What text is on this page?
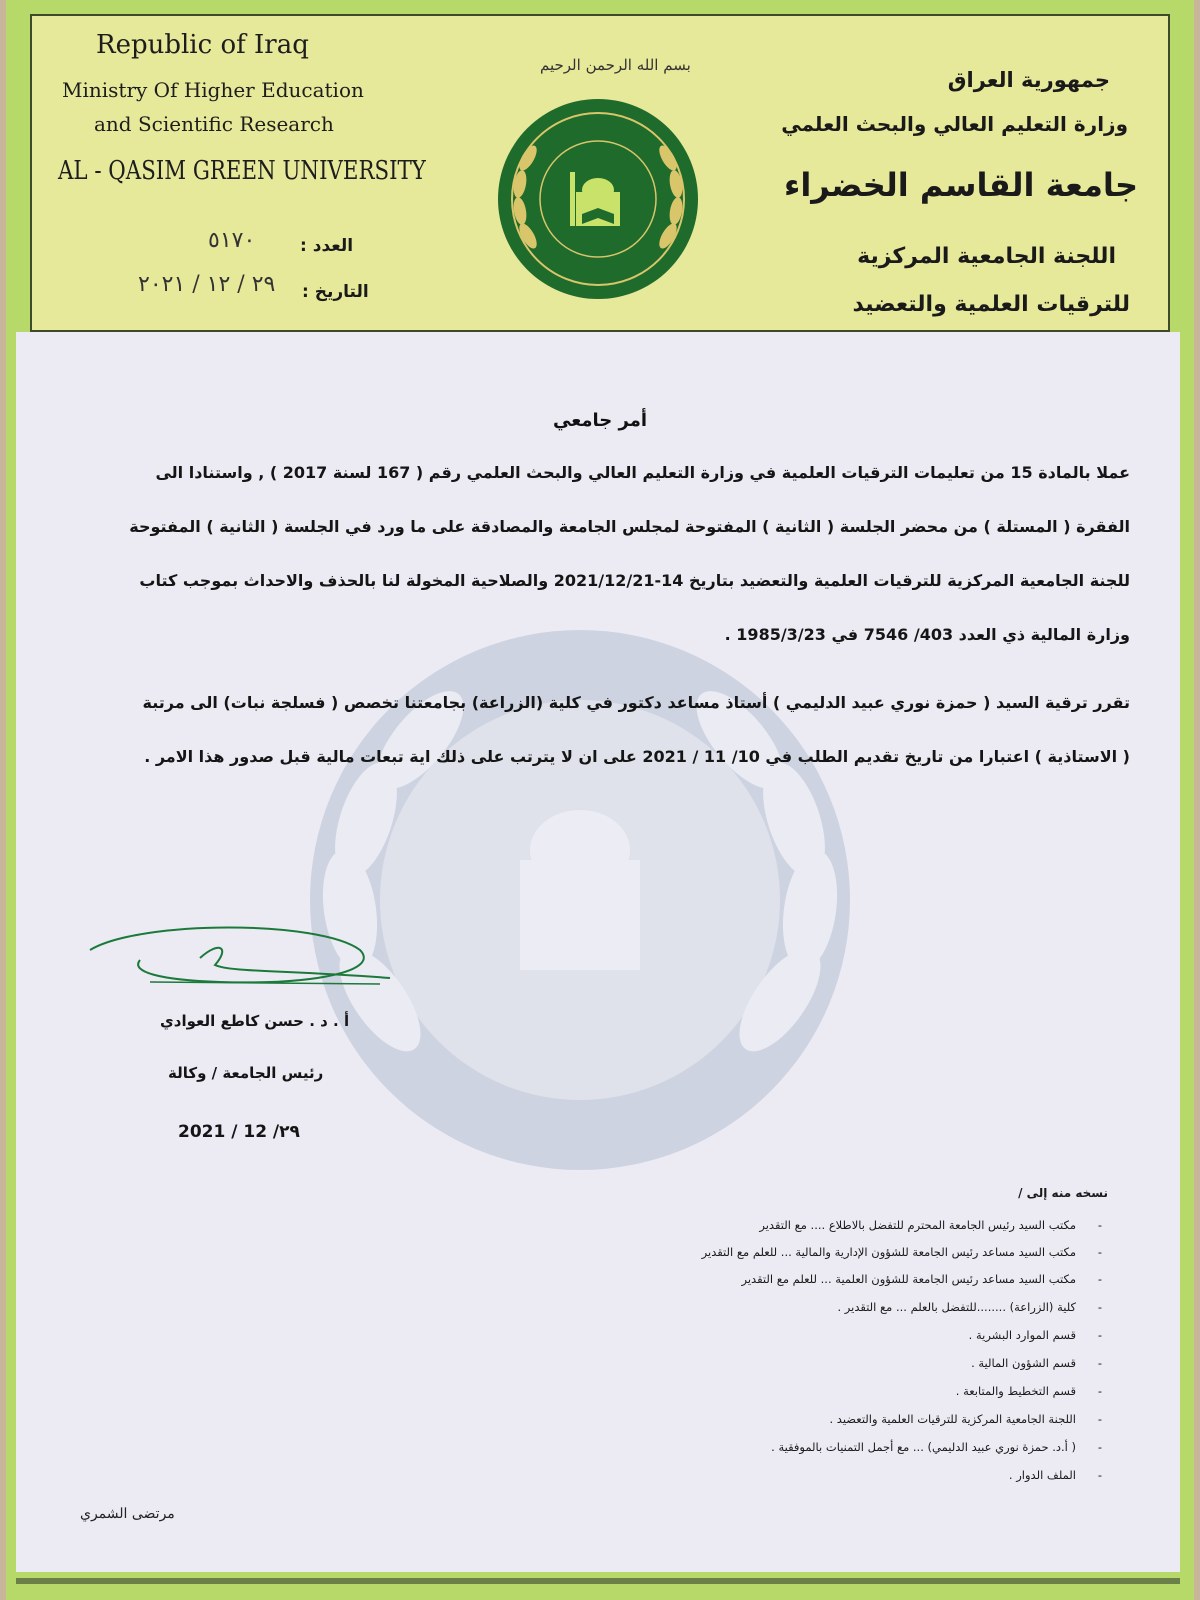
Republic of Iraq
Ministry Of Higher Education
and Scientific Research
AL - QASIM GREEN UNIVERSITY
جمهورية العراق
وزارة التعليم العالي والبحث العلمي
جامعة القاسم الخضراء
اللجنة الجامعية المركزية
للترقيات العلمية والتعضيد
بسم الله الرحمن الرحيم
العدد :
٥١٧٠
التاريخ :
٢٩ / ١٢ / ٢٠٢١
أمر جامعي
عملا بالمادة 15 من تعليمات الترقيات العلمية في وزارة التعليم العالي والبحث العلمي رقم ( 167 لسنة 2017 ) , واستنادا الى
الفقرة ( المستلة ) من محضر الجلسة ( الثانية ) المفتوحة لمجلس الجامعة والمصادقة على ما ورد في الجلسة ( الثانية ) المفتوحة
للجنة الجامعية المركزية للترقيات العلمية والتعضيد بتاريخ 14-2021/12/21 والصلاحية المخولة لنا بالحذف والاحداث بموجب كتاب
وزارة المالية ذي العدد 403/ 7546 في 1985/3/23 .
تقرر ترقية السيد ( حمزة نوري عبيد الدليمي ) أستاذ مساعد دكتور في كلية (الزراعة) بجامعتنا تخصص ( فسلجة نبات) الى مرتبة
( الاستاذية ) اعتبارا من تاريخ تقديم الطلب في 10/ 11 / 2021 على ان لا يترتب على ذلك اية تبعات مالية قبل صدور هذا الامر .
أ . د . حسن كاطع العوادي
رئيس الجامعة / وكالة
2021 / 12 /٢٩
نسخه منه إلى /
-مكتب السيد رئيس الجامعة المحترم للتفضل بالاطلاع .... مع التقدير
-مكتب السيد مساعد رئيس الجامعة للشؤون الإدارية والمالية ... للعلم مع التقدير
-مكتب السيد مساعد رئيس الجامعة للشؤون العلمية ... للعلم مع التقدير
-كلية (الزراعة) ........للتفضل بالعلم ... مع التقدير .
-قسم الموارد البشرية .
-قسم الشؤون المالية .
-قسم التخطيط والمتابعة .
-اللجنة الجامعية المركزية للترقيات العلمية والتعضيد .
-( أ.د. حمزة نوري عبيد الدليمي) ... مع أجمل التمنيات بالموفقية .
-الملف الدوار .
مرتضى الشمري
